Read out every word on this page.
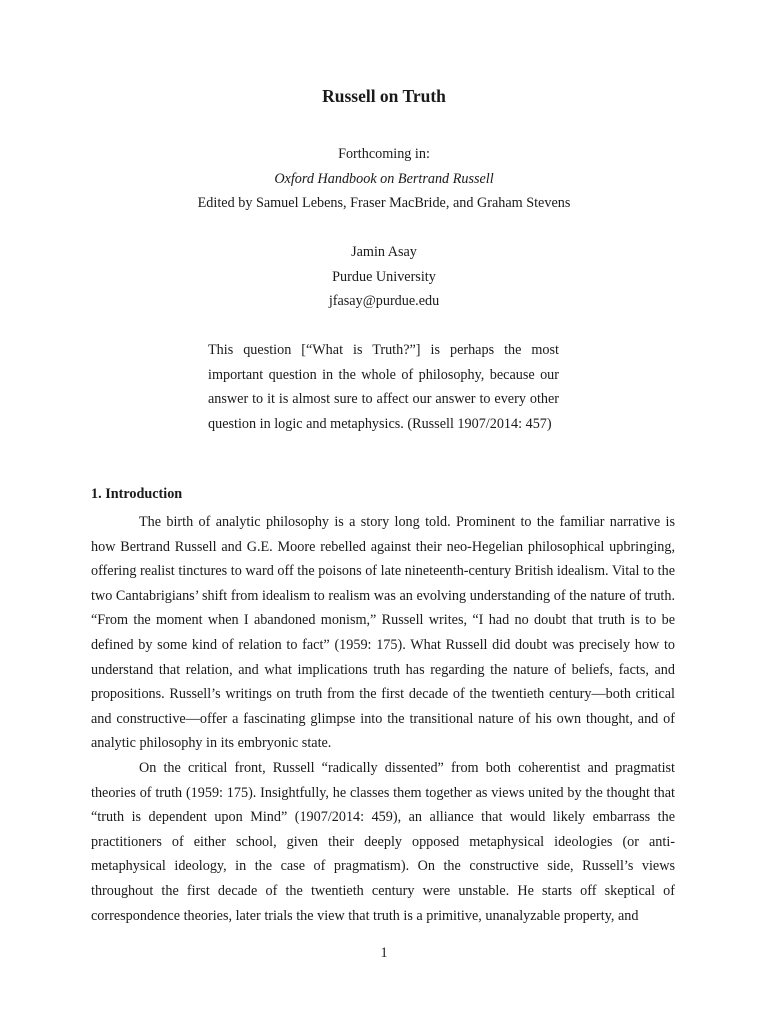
Russell on Truth
Forthcoming in:
Oxford Handbook on Bertrand Russell
Edited by Samuel Lebens, Fraser MacBride, and Graham Stevens
Jamin Asay
Purdue University
jfasay@purdue.edu

This question [“What is Truth?”] is perhaps the most important question in the whole of philosophy, because our answer to it is almost sure to affect our answer to every other question in logic and metaphysics. (Russell 1907/2014: 457)

1. Introduction

The birth of analytic philosophy is a story long told. Prominent to the familiar narrative is how Bertrand Russell and G.E. Moore rebelled against their neo-Hegelian philosophical upbringing, offering realist tinctures to ward off the poisons of late nineteenth-century British idealism. Vital to the two Cantabrigians’ shift from idealism to realism was an evolving understanding of the nature of truth. “From the moment when I abandoned monism,” Russell writes, “I had no doubt that truth is to be defined by some kind of relation to fact” (1959: 175). What Russell did doubt was precisely how to understand that relation, and what implications truth has regarding the nature of beliefs, facts, and propositions. Russell’s writings on truth from the first decade of the twentieth century—both critical and constructive—offer a fascinating glimpse into the transitional nature of his own thought, and of analytic philosophy in its embryonic state.

On the critical front, Russell “radically dissented” from both coherentist and pragmatist theories of truth (1959: 175). Insightfully, he classes them together as views united by the thought that “truth is dependent upon Mind” (1907/2014: 459), an alliance that would likely embarrass the practitioners of either school, given their deeply opposed metaphysical ideologies (or anti-metaphysical ideology, in the case of pragmatism). On the constructive side, Russell’s views throughout the first decade of the twentieth century were unstable. He starts off skeptical of correspondence theories, later trials the view that truth is a primitive, unanalyzable property, and

1
